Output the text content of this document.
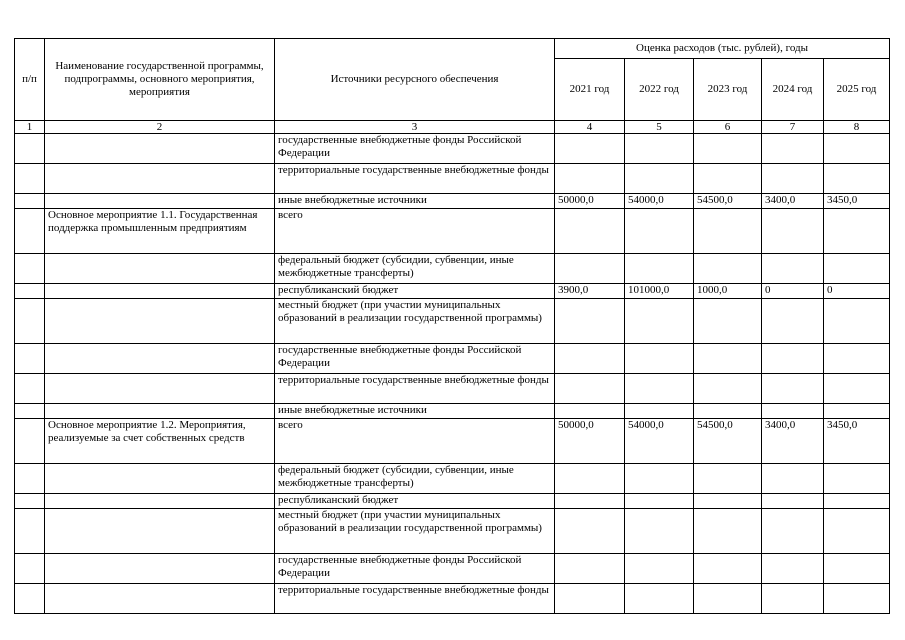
п/п	Наименование государственной программы, подпрограммы, основного мероприятия, мероприятия	Источники ресурсного обеспечения	Оценка расходов (тыс. рублей), годы				
			2021 год	2022 год	2023 год	2024 год	2025 год
1	2	3	4	5	6	7	8
		государственные внебюджетные фонды Российской Федерации					
		территориальные государственные внебюджетные фонды					
		иные внебюджетные источники	50000,0	54000,0	54500,0	3400,0	3450,0
	Основное мероприятие 1.1. Государственная поддержка промышленным предприятиям	всего					
		федеральный бюджет (субсидии, субвенции, иные межбюджетные трансферты)					
		республиканский бюджет	3900,0	101000,0	1000,0	0	0
		местный бюджет (при участии муниципальных образований в реализации государственной программы)					
		государственные внебюджетные фонды Российской Федерации					
		территориальные государственные внебюджетные фонды					
		иные внебюджетные источники					
	Основное мероприятие 1.2. Мероприятия, реализуемые за счет собственных средств	всего	50000,0	54000,0	54500,0	3400,0	3450,0
		федеральный бюджет (субсидии, субвенции, иные межбюджетные трансферты)					
		республиканский бюджет					
		местный бюджет (при участии муниципальных образований в реализации государственной программы)					
		государственные внебюджетные фонды Российской Федерации					
		территориальные государственные внебюджетные фонды					
